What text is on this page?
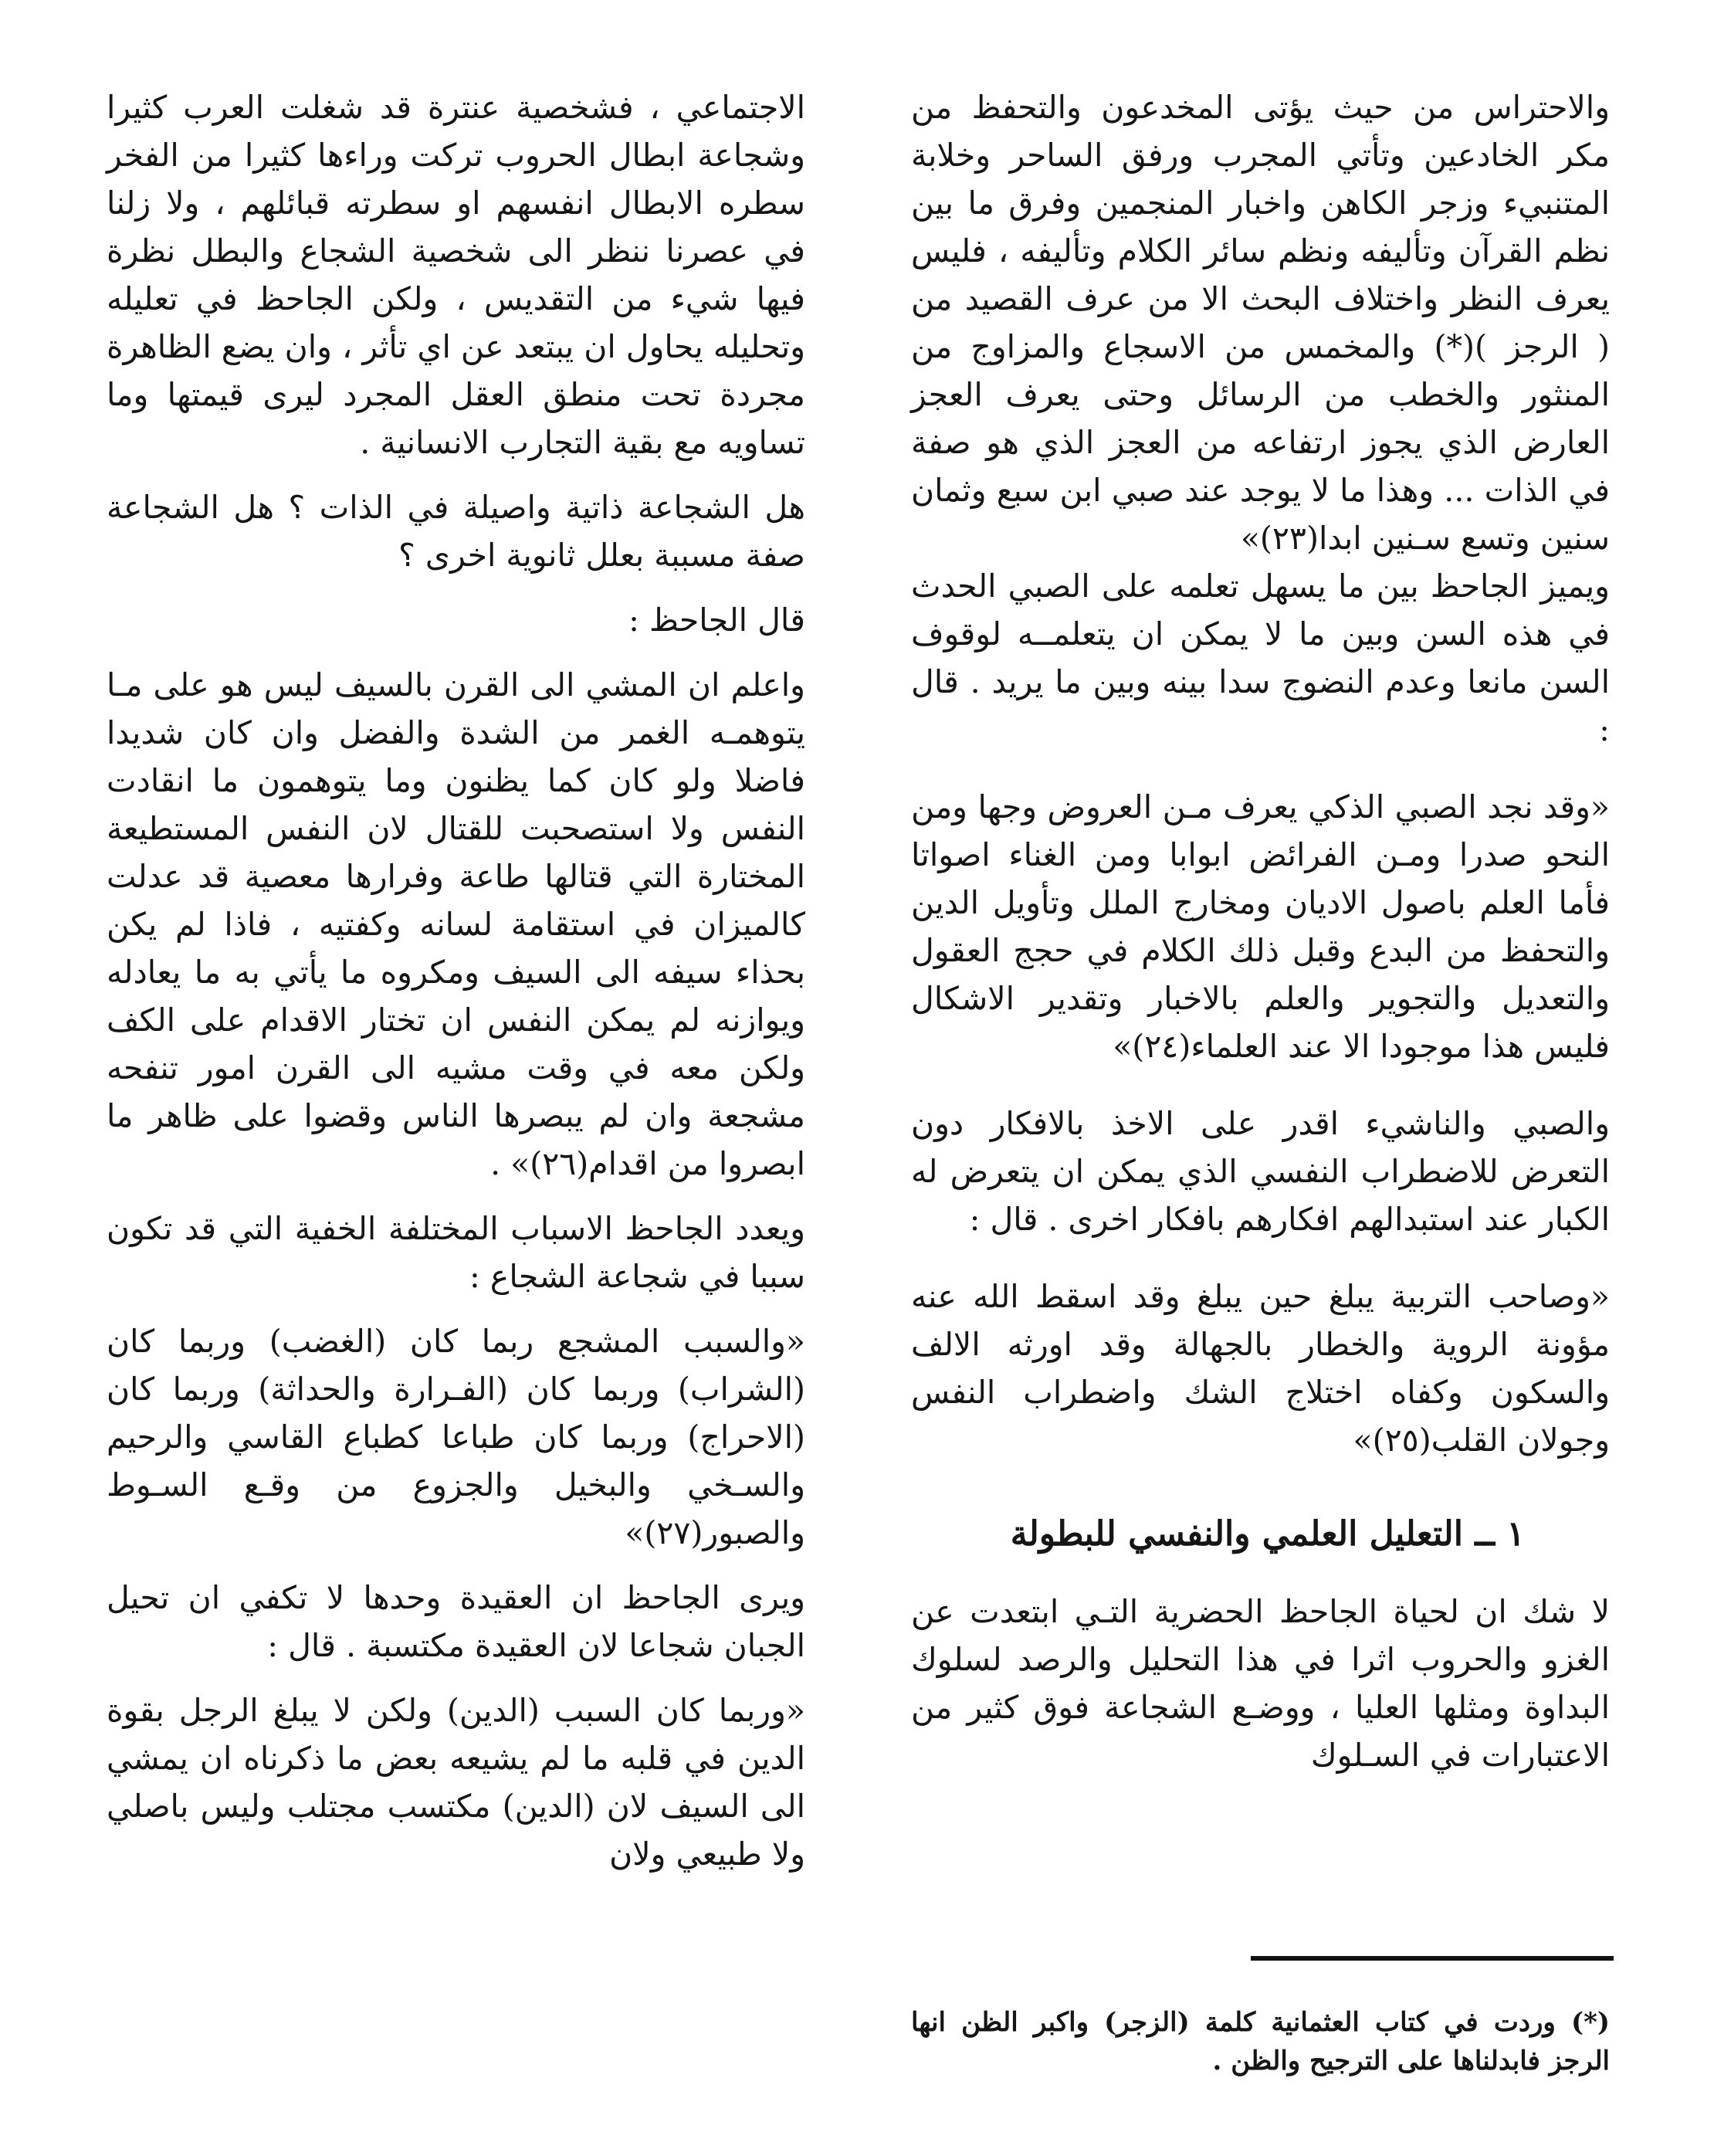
والاحتراس من حيث يؤتى المخدعون والتحفظ من مكر الخادعين وتأتي المجرب ورفق الساحر وخلابة المتنبيء وزجر الكاهن واخبار المنجمين وفرق ما بين نظم القرآن وتأليفه ونظم سائر الكلام وتأليفه ، فليس يعرف النظر واختلاف البحث الا من عرف القصيد من ( الرجز )(*) والمخمس من الاسجاع والمزاوج من المنثور والخطب من الرسائل وحتى يعرف العجز العارض الذي يجوز ارتفاعه من العجز الذي هو صفة في الذات ... وهذا ما لا يوجد عند صبي ابن سبع وثمان سنين وتسع سـنين ابدا(٢٣)»

ويميز الجاحظ بين ما يسهل تعلمه على الصبي الحدث في هذه السن وبين ما لا يمكن ان يتعلمــه لوقوف السن مانعا وعدم النضوج سدا بينه وبين ما يريد . قال :

«وقد نجد الصبي الذكي يعرف مـن العروض وجها ومن النحو صدرا ومـن الفرائض ابوابا ومن الغناء اصواتا فأما العلم باصول الاديان ومخارج الملل وتأويل الدين والتحفظ من البدع وقبل ذلك الكلام في حجج العقول والتعديل والتجوير والعلم بالاخبار وتقدير الاشكال فليس هذا موجودا الا عند العلماء(٢٤)»

والصبي والناشيء اقدر على الاخذ بالافكار دون التعرض للاضطراب النفسي الذي يمكن ان يتعرض له الكبار عند استبدالهم افكارهم بافكار اخرى . قال :

«وصاحب التربية يبلغ حين يبلغ وقد اسقط الله عنه مؤونة الروية والخطار بالجهالة وقد اورثه الالف والسكون وكفاه اختلاج الشك واضطراب النفس وجولان القلب(٢٥)»

١ ــ التعليل العلمي والنفسي للبطولة

لا شك ان لحياة الجاحظ الحضرية التـي ابتعدت عن الغزو والحروب اثرا في هذا التحليل والرصد لسلوك البداوة ومثلها العليا ، ووضـع الشجاعة فوق كثير من الاعتبارات في السـلوك

الاجتماعي ، فشخصية عنترة قد شغلت العرب كثيرا وشجاعة ابطال الحروب تركت وراءها كثيرا من الفخر سطره الابطال انفسهم او سطرته قبائلهم ، ولا زلنا في عصرنا ننظر الى شخصية الشجاع والبطل نظرة فيها شيء من التقديس ، ولكن الجاحظ في تعليله وتحليله يحاول ان يبتعد عن اي تأثر ، وان يضع الظاهرة مجردة تحت منطق العقل المجرد ليرى قيمتها وما تساويه مع بقية التجارب الانسانية .

هل الشجاعة ذاتية واصيلة في الذات ؟ هل الشجاعة صفة مسببة بعلل ثانوية اخرى ؟

قال الجاحظ :

واعلم ان المشي الى القرن بالسيف ليس هو على مـا يتوهمـه الغمر من الشدة والفضل وان كان شديدا فاضلا ولو كان كما يظنون وما يتوهمون ما انقادت النفس ولا استصحبت للقتال لان النفس المستطيعة المختارة التي قتالها طاعة وفرارها معصية قد عدلت كالميزان في استقامة لسانه وكفتيه ، فاذا لم يكن بحذاء سيفه الى السيف ومكروه ما يأتي به ما يعادله ويوازنه لم يمكن النفس ان تختار الاقدام على الكف ولكن معه في وقت مشيه الى القرن امور تنفحه مشجعة وان لم يبصرها الناس وقضوا على ظاهر ما ابصروا من اقدام(٢٦)» .

ويعدد الجاحظ الاسباب المختلفة الخفية التي قد تكون سببا في شجاعة الشجاع :

«والسبب المشجع ربما كان (الغضب) وربما كان (الشراب) وربما كان (الفـرارة والحداثة) وربما كان (الاحراج) وربما كان طباعا كطباع القاسي والرحيم والسـخي والبخيل والجزوع من وقـع السـوط والصبور(٢٧)»

ويرى الجاحظ ان العقيدة وحدها لا تكفي ان تحيل الجبان شجاعا لان العقيدة مكتسبة . قال :

«وربما كان السبب (الدين) ولكن لا يبلغ الرجل بقوة الدين في قلبه ما لم يشيعه بعض ما ذكرناه ان يمشي الى السيف لان (الدين) مكتسب مجتلب وليس باصلي ولا طبيعي ولان

(*) وردت في كتاب العثمانية كلمة (الزجر) واكبر الظن انها الرجز فابدلناها على الترجيح والظن .
